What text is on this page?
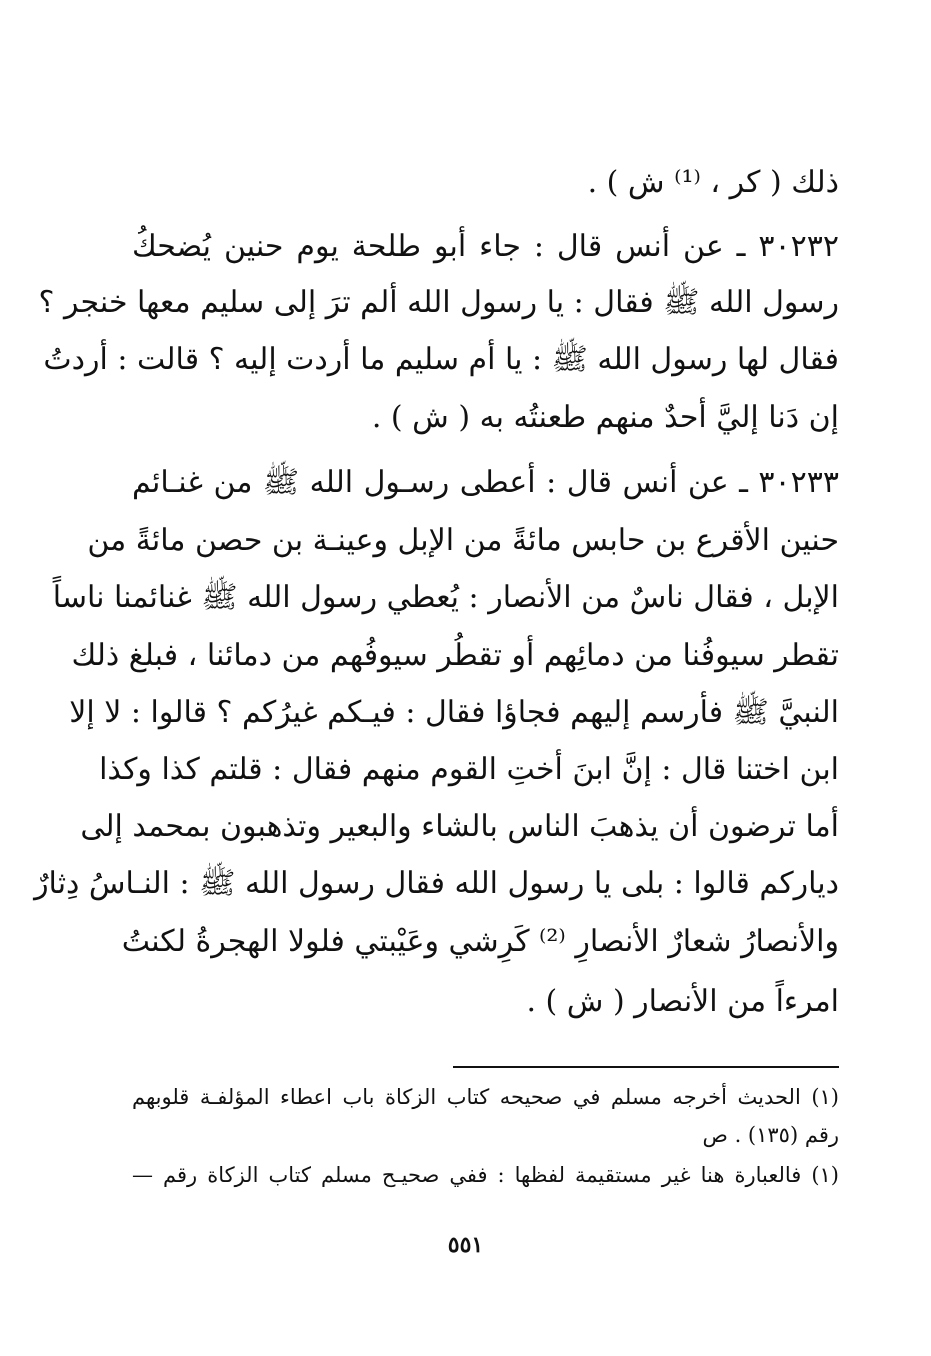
ذلك ( كر ، ⁽¹⁾ ش ) .
٣٠٢٣٢ ـ عن أنس قال : جاء أبو طلحة يوم حنين يُضحكُ
رسول الله ﷺ فقال : يا رسول الله ألم ترَ إلى سليم معها خنجر ؟
فقال لها رسول الله ﷺ : يا أم سليم ما أردت إليه ؟ قالت : أردتُ
إن دَنا إليَّ أحدٌ منهم طعنتُه به ( ش ) .
٣٠٢٣٣ ـ عن أنس قال : أعطى رسـول الله ﷺ من غنـائم
حنين الأقرع بن حابس مائةً من الإبل وعينـة بن حصن مائةً من
الإبل ، فقال ناسٌ من الأنصار : يُعطي رسول الله ﷺ غنائمنا ناساً
تقطر سيوفُنا من دمائِهم أو تقطُر سيوفُهم من دمائنا ، فبلغ ذلك
النبيَّ ﷺ فأرسم إليهم فجاؤا فقال : فيـكم غيرُكم ؟ قالوا : لا إلا
ابن اختنا قال : إنَّ ابنَ أختِ القوم منهم فقال : قلتم كذا وكذا
أما ترضون أن يذهبَ الناس بالشاء والبعير وتذهبون بمحمد إلى
دياركم قالوا : بلى يا رسول الله فقال رسول الله ﷺ : النـاسُ دِثارٌ
والأنصارُ شعارٌ الأنصارِ ⁽²⁾ كَرِشي وعَيْبتي فلولا الهجرةُ لكنتُ
امرءاً من الأنصار ( ش ) .
(١) الحديث أخرجه مسلم في صحيحه كتاب الزكاة باب اعطاء المؤلفـة قلوبهم
رقم (١٣٥) . ص
(١) فالعبارة هنا غير مستقيمة لفظها : ففي صحيـح مسلم كتاب الزكاة رقم —
٥٥١
